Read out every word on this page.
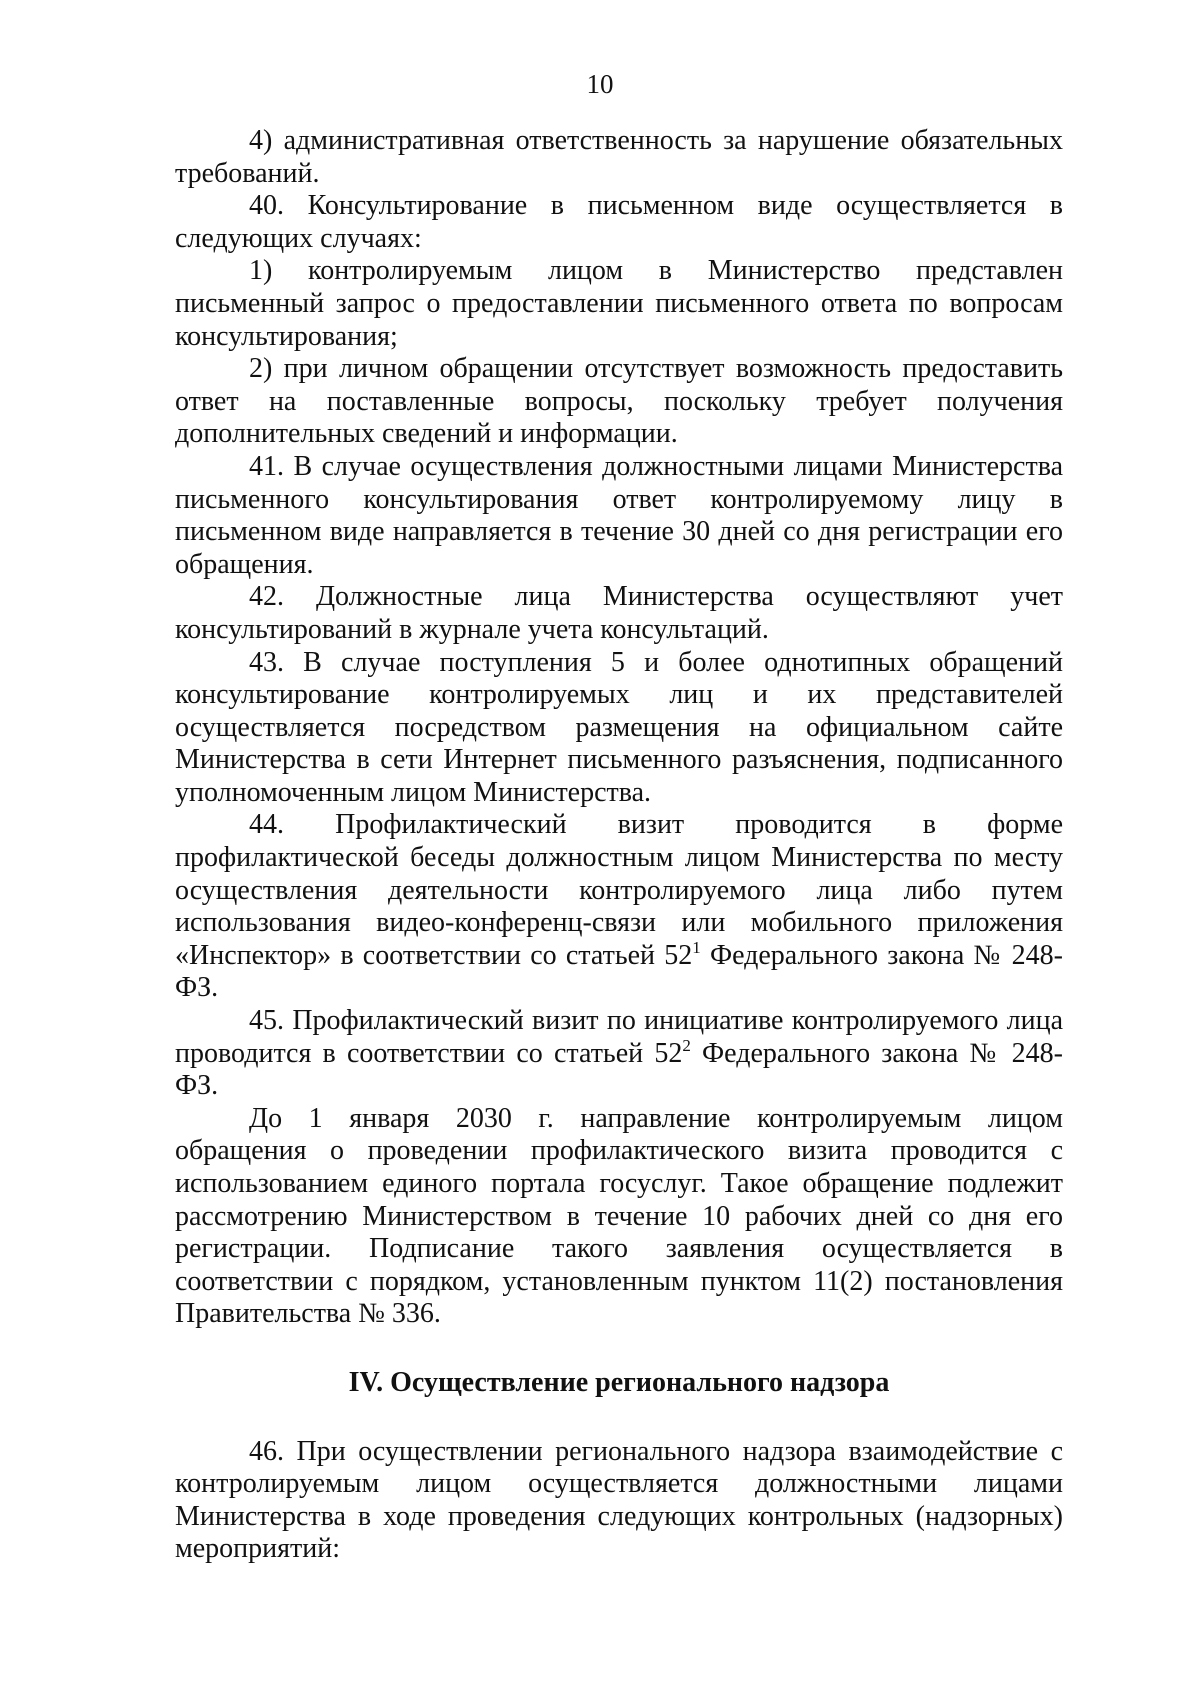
10

4) административная ответственность за нарушение обязательных требований.

40. Консультирование в письменном виде осуществляется в следующих случаях:

1) контролируемым лицом в Министерство представлен письменный запрос о предоставлении письменного ответа по вопросам консультирования;

2) при личном обращении отсутствует возможность предоставить ответ на поставленные вопросы, поскольку требует получения дополнительных сведений и информации.

41. В случае осуществления должностными лицами Министерства письменного консультирования ответ контролируемому лицу в письменном виде направляется в течение 30 дней со дня регистрации его обращения.

42. Должностные лица Министерства осуществляют учет консультирований в журнале учета консультаций.

43. В случае поступления 5 и более однотипных обращений консультирование контролируемых лиц и их представителей осуществляется посредством размещения на официальном сайте Министерства в сети Интернет письменного разъяснения, подписанного уполномоченным лицом Министерства.

44. Профилактический визит проводится в форме профилактической беседы должностным лицом Министерства по месту осуществления деятельности контролируемого лица либо путем использования видео-конференц-связи или мобильного приложения «Инспектор» в соответствии со статьей $52^1$ Федерального закона № 248-ФЗ.

45. Профилактический визит по инициативе контролируемого лица проводится в соответствии со статьей $52^2$ Федерального закона № 248-ФЗ.

До 1 января 2030 г. направление контролируемым лицом обращения о проведении профилактического визита проводится с использованием единого портала госуслуг. Такое обращение подлежит рассмотрению Министерством в течение 10 рабочих дней со дня его регистрации. Подписание такого заявления осуществляется в соответствии с порядком, установленным пунктом 11(2) постановления Правительства № 336.

IV. Осуществление регионального надзора

46. При осуществлении регионального надзора взаимодействие с контролируемым лицом осуществляется должностными лицами Министерства в ходе проведения следующих контрольных (надзорных) мероприятий:
